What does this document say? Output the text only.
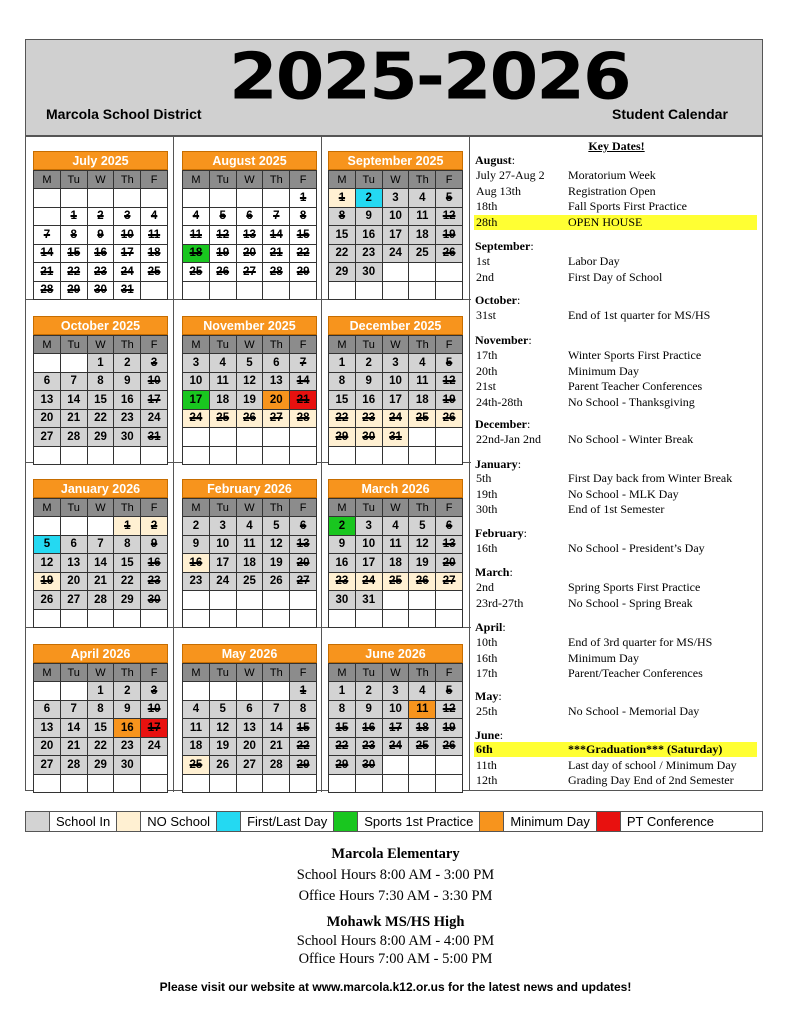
Marcola School District
2025-2026
Student Calendar
July 2025
M	Tu	W	Th	F

	1	2	3	4
7	8	9	10	11
14	15	16	17	18
21	22	23	24	25
28	29	30	31	
August 2025
M	Tu	W	Th	F
				1
4	5	6	7	8
11	12	13	14	15
18	19	20	21	22
25	26	27	28	29

September 2025
M	Tu	W	Th	F
1	2	3	4	5
8	9	10	11	12
15	16	17	18	19
22	23	24	25	26
29	30			

October 2025
M	Tu	W	Th	F
		1	2	3
6	7	8	9	10
13	14	15	16	17
20	21	22	23	24
27	28	29	30	31

November 2025
M	Tu	W	Th	F
3	4	5	6	7
10	11	12	13	14
17	18	19	20	21
24	25	26	27	28

December 2025
M	Tu	W	Th	F
1	2	3	4	5
8	9	10	11	12
15	16	17	18	19
22	23	24	25	26
29	30	31		

January 2026
M	Tu	W	Th	F
			1	2
5	6	7	8	9
12	13	14	15	16
19	20	21	22	23
26	27	28	29	30

February 2026
M	Tu	W	Th	F
2	3	4	5	6
9	10	11	12	13
16	17	18	19	20
23	24	25	26	27

March 2026
M	Tu	W	Th	F
2	3	4	5	6
9	10	11	12	13
16	17	18	19	20
23	24	25	26	27
30	31			

April 2026
M	Tu	W	Th	F
		1	2	3
6	7	8	9	10
13	14	15	16	17
20	21	22	23	24
27	28	29	30	

May 2026
M	Tu	W	Th	F
				1
4	5	6	7	8
11	12	13	14	15
18	19	20	21	22
25	26	27	28	29

June 2026
M	Tu	W	Th	F
1	2	3	4	5
8	9	10	11	12
15	16	17	18	19
22	23	24	25	26
29	30			

Key Dates!
August:
July 27-Aug 2 Moratorium Week
Aug 13th	Registration Open
18th	Fall Sports First Practice
28th	OPEN HOUSE
September:
1st	Labor Day
2nd	First Day of School
October:
31st	End of 1st quarter for MS/HS
November:
17th	Winter Sports First Practice
20th	Minimum Day
21st	Parent Teacher Conferences
24th-28th	No School - Thanksgiving
December:
22nd-Jan 2nd No School - Winter Break
January:
5th	First Day back from Winter Break
19th	No School - MLK Day
30th	End of 1st Semester
February:
16th	No School - President’s Day
March:
2nd	Spring Sports First Practice
23rd-27th	No School - Spring Break
April:
10th	End of 3rd quarter for MS/HS
16th	Minimum Day
17th	Parent/Teacher Conferences
May:
25th	No School - Memorial Day
June:
6th	***Graduation*** (Saturday)
11th	Last day of school / Minimum Day
12th	Grading Day End of 2nd Semester
School In	NO School	First/Last Day	Sports 1st Practice	Minimum Day	PT Conference
Marcola Elementary
School Hours 8:00 AM - 3:00 PM
Office Hours 7:30 AM - 3:30 PM
Mohawk MS/HS High
School Hours 8:00 AM - 4:00 PM
Office Hours 7:00 AM - 5:00 PM
Please visit our website at www.marcola.k12.or.us for the latest news and updates!
